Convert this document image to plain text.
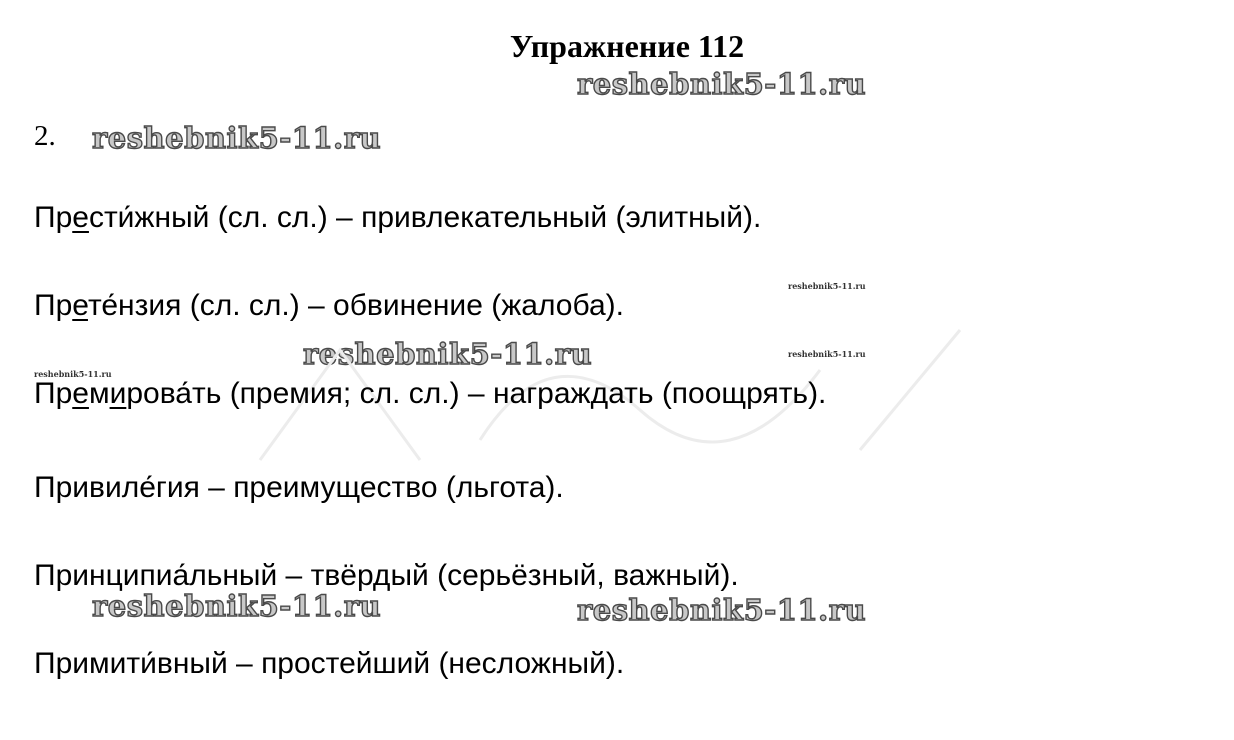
Упражнение 112
reshebnik5-11.ru
reshebnik5-11.ru
reshebnik5-11.ru
reshebnik5-11.ru	reshebnik5-11.ru
reshebnik5-11.ru
reshebnik5-11.ru
reshebnik5-11.ru
2.
Прести́жный (сл. сл.) – привлекательный (элитный).
Прете́нзия (сл. сл.) – обвинение (жалоба).
Премирова́ть (премия; сл. сл.) – награждать (поощрять).
Привиле́гия – преимущество (льгота).
Принципиа́льный – твёрдый (серьёзный, важный).
Примити́вный – простейший (несложный).
